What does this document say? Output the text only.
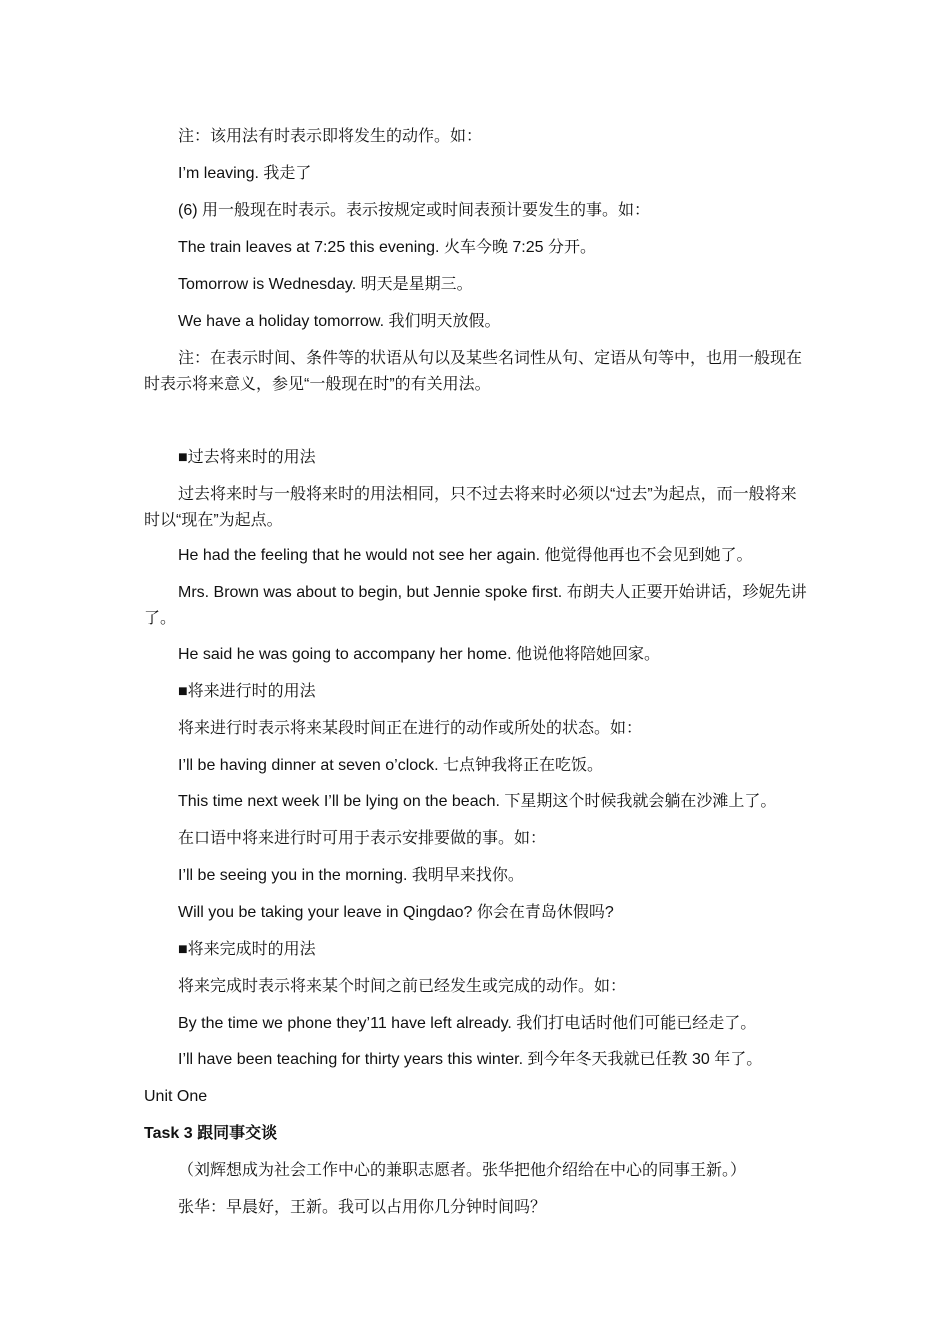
注：该用法有时表示即将发生的动作。如：
I’m leaving. 我走了
(6) 用一般现在时表示。表示按规定或时间表预计要发生的事。如：
The train leaves at 7:25 this evening. 火车今晚 7:25 分开。
Tomorrow is Wednesday. 明天是星期三。
We have a holiday tomorrow. 我们明天放假。
注：在表示时间、条件等的状语从句以及某些名词性从句、定语从句等中，也用一般现在时表示将来意义，参见“一般现在时”的有关用法。
■过去将来时的用法
过去将来时与一般将来时的用法相同，只不过去将来时必须以“过去”为起点，而一般将来时以“现在”为起点。
He had the feeling that he would not see her again. 他觉得他再也不会见到她了。
Mrs. Brown was about to begin, but Jennie spoke first. 布朗夫人正要开始讲话，珍妮先讲了。
He said he was going to accompany her home. 他说他将陪她回家。
■将来进行时的用法
将来进行时表示将来某段时间正在进行的动作或所处的状态。如：
I’ll be having dinner at seven o’clock. 七点钟我将正在吃饭。
This time next week I’ll be lying on the beach. 下星期这个时候我就会躺在沙滩上了。
在口语中将来进行时可用于表示安排要做的事。如：
I’ll be seeing you in the morning. 我明早来找你。
Will you be taking your leave in Qingdao? 你会在青岛休假吗?
■将来完成时的用法
将来完成时表示将来某个时间之前已经发生或完成的动作。如：
By the time we phone they’11 have left already. 我们打电话时他们可能已经走了。
I’ll have been teaching for thirty years this winter. 到今年冬天我就已任教 30 年了。
Unit One
Task 3 跟同事交谈
（刘辉想成为社会工作中心的兼职志愿者。张华把他介绍给在中心的同事王新。）
张华：早晨好，王新。我可以占用你几分钟时间吗？
